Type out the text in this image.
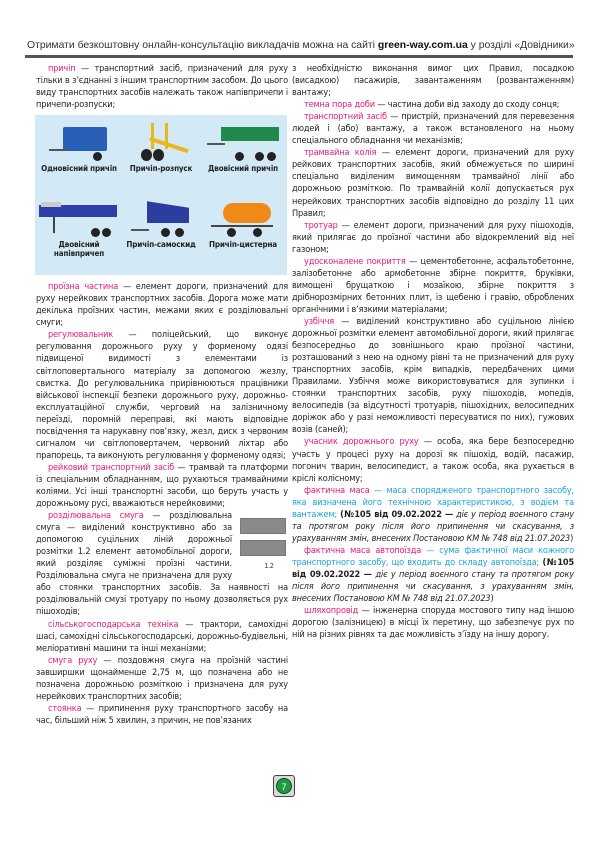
Отримати безкоштовну онлайн-консультацію викладачів можна на сайті green-way.com.ua у розділі «Довідники»

причіп — транспортний засіб, призначений для руху тільки в з’єднанні з іншим транспортним засобом. До цього виду транспортних засобів належать також напівпричепи і причепи-розпуски;

Одновісний причіп	Причіп-розпуск	Двовісний причіп
Двовісний напівпричеп
Причіп-самоскид	Причіп-цистерна

проїзна частина — елемент дороги, призначений для руху нерейкових транспортних засобів. Дорога може мати декілька проїзних частин, межами яких є розділювальні смуги;

регулювальник — поліцейський, що виконує регулювання дорожнього руху у форменому одязі підвищеної видимості з елементами із світлоповертального матеріалу за допомогою жезлу, свистка. До регулювальника прирівнюються працівники військової інспекції безпеки дорожнього руху, дорожньо-експлуатаційної служби, черговий на залізничному переїзді, поромній переправі, які мають відповідне посвідчення та нарукавну пов’язку, жезл, диск з червоним сигналом чи світлоповертачем, червоний ліхтар або прапорець, та виконують регулювання у форменому одязі;

рейковий транспортний засіб — трамвай та платформи із спеціальним обладнанням, що рухаються трамвайними коліями. Усі інші транспортні засоби, що беруть участь у дорожньому русі, вважаються нерейковими;

1.2
розділювальна смуга — розділювальна смуга — виділений конструктивно або за допомогою суцільних ліній дорожньої розмітки 1.2 елемент автомобільної дороги, який розділяє суміжні проїзні частини. Розділювальна смуга не призначена для руху або стоянки транспортних засобів. За наявності на розділювальній смузі тротуару по ньому дозволяється рух пішоходів;

сільськогосподарська техніка — трактори, самохідні шасі, самохідні сільськогосподарські, дорожньо-будівельні, меліоративні машини та інші механізми;

смуга руху — поздовжня смуга на проїзній частині завширшки щонайменше 2,75 м, що позначена або не позначена дорожньою розміткою і призначена для руху нерейкових транспортних засобів;

стоянка — припинення руху транспортного засобу на час, більший ніж 5 хвилин, з причин, не пов’язаних

з необхідністю виконання вимог цих Правил, посадкою (висадкою) пасажирів, завантаженням (розвантаженням) вантажу;

темна пора доби — частина доби від заходу до сходу сонця;

транспортний засіб — пристрій, призначений для перевезення людей і (або) вантажу, а також встановленого на ньому спеціального обладнання чи механізмів;

трамвайна колія — елемент дороги, призначений для руху рейкових транспортних засобів, який обмежується по ширині спеціально виділеним вимощенням трамвайної лінії або дорожньою розміткою. По трамвайній колії допускається рух нерейкових транспортних засобів відповідно до розділу 11 цих Правил;

тротуар — елемент дороги, призначений для руху пішоходів, який прилягає до проїзної частини або відокремлений від неї газоном;

удосконалене покриття — цементобетонне, асфальтобетонне, залізобетонне або армобетонне збірне покриття, бруківки, вимощені брущаткою і мозаїкою, збірне покриття з дрібнорозмірних бетонних плит, із щебеню і гравію, оброблених органічними і в’язкими матеріалами;

узбіччя — виділений конструктивно або суцільною лінією дорожньої розмітки елемент автомобільної дороги, який прилягає безпосередньо до зовнішнього краю проїзної частини, розташований з нею на одному рівні та не призначений для руху транспортних засобів, крім випадків, передбачених цими Правилами. Узбіччя може використовуватися для зупинки і стоянки транспортних засобів, руху пішоходів, мопедів, велосипедів (за відсутності тротуарів, пішохідних, велосипедних доріжок або у разі неможливості пересуватися по них), гужових возів (саней);

учасник дорожнього руху — особа, яка бере безпосередню участь у процесі руху на дорозі як пішохід, водій, пасажир, погонич тварин, велосипедист, а також особа, яка рухається в кріслі колісному;

фактична маса — маса спорядженого транспортного засобу, яка визначена його технічною характеристикою, з водієм та вантажем; (№105 від 09.02.2022 — діє у період воєнного стану та протягом року після його припинення чи скасування, з урахуванням змін, внесених Постановою КМ № 748 від 21.07.2023)

фактична маса автопоїзда — сума фактичної маси кожного транспортного засобу, що входить до складу автопоїзда; (№105 від 09.02.2022 — діє у період воєнного стану та протягом року після його припинення чи скасування, з урахуванням змін, внесених Постановою КМ № 748 від 21.07.2023)

шляхопровід — інженерна споруда мостового типу над іншою дорогою (залізницею) в місці їх перетину, що забезпечує рух по ній на різних рівнях та дає можливість з’їзду на іншу дорогу.

7
